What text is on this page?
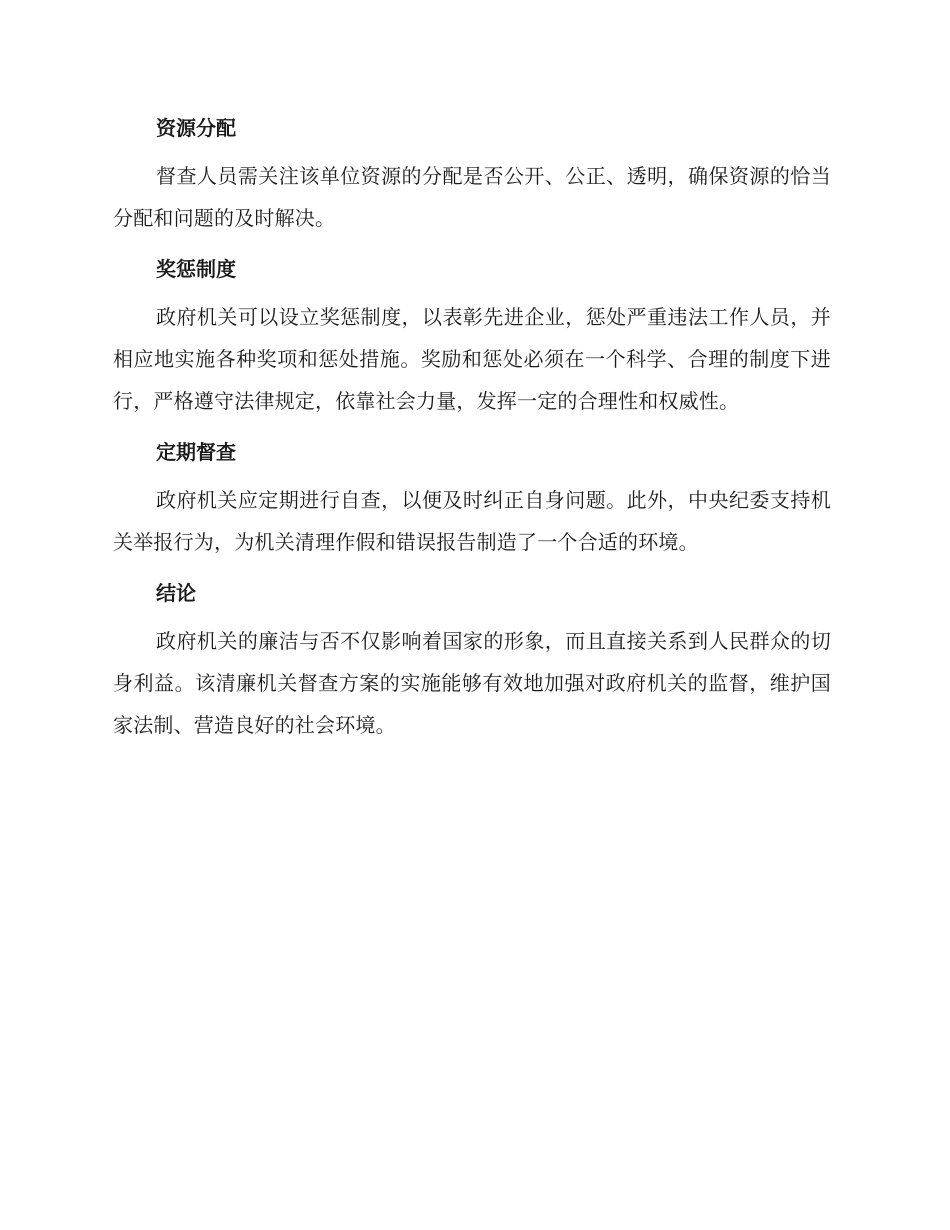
资源分配

督查人员需关注该单位资源的分配是否公开、公正、透明，确保资源的恰当分配和问题的及时解决。

奖惩制度

政府机关可以设立奖惩制度，以表彰先进企业，惩处严重违法工作人员，并相应地实施各种奖项和惩处措施。奖励和惩处必须在一个科学、合理的制度下进行，严格遵守法律规定，依靠社会力量，发挥一定的合理性和权威性。

定期督查

政府机关应定期进行自查，以便及时纠正自身问题。此外，中央纪委支持机关举报行为，为机关清理作假和错误报告制造了一个合适的环境。

结论

政府机关的廉洁与否不仅影响着国家的形象，而且直接关系到人民群众的切身利益。该清廉机关督查方案的实施能够有效地加强对政府机关的监督，维护国家法制、营造良好的社会环境。
